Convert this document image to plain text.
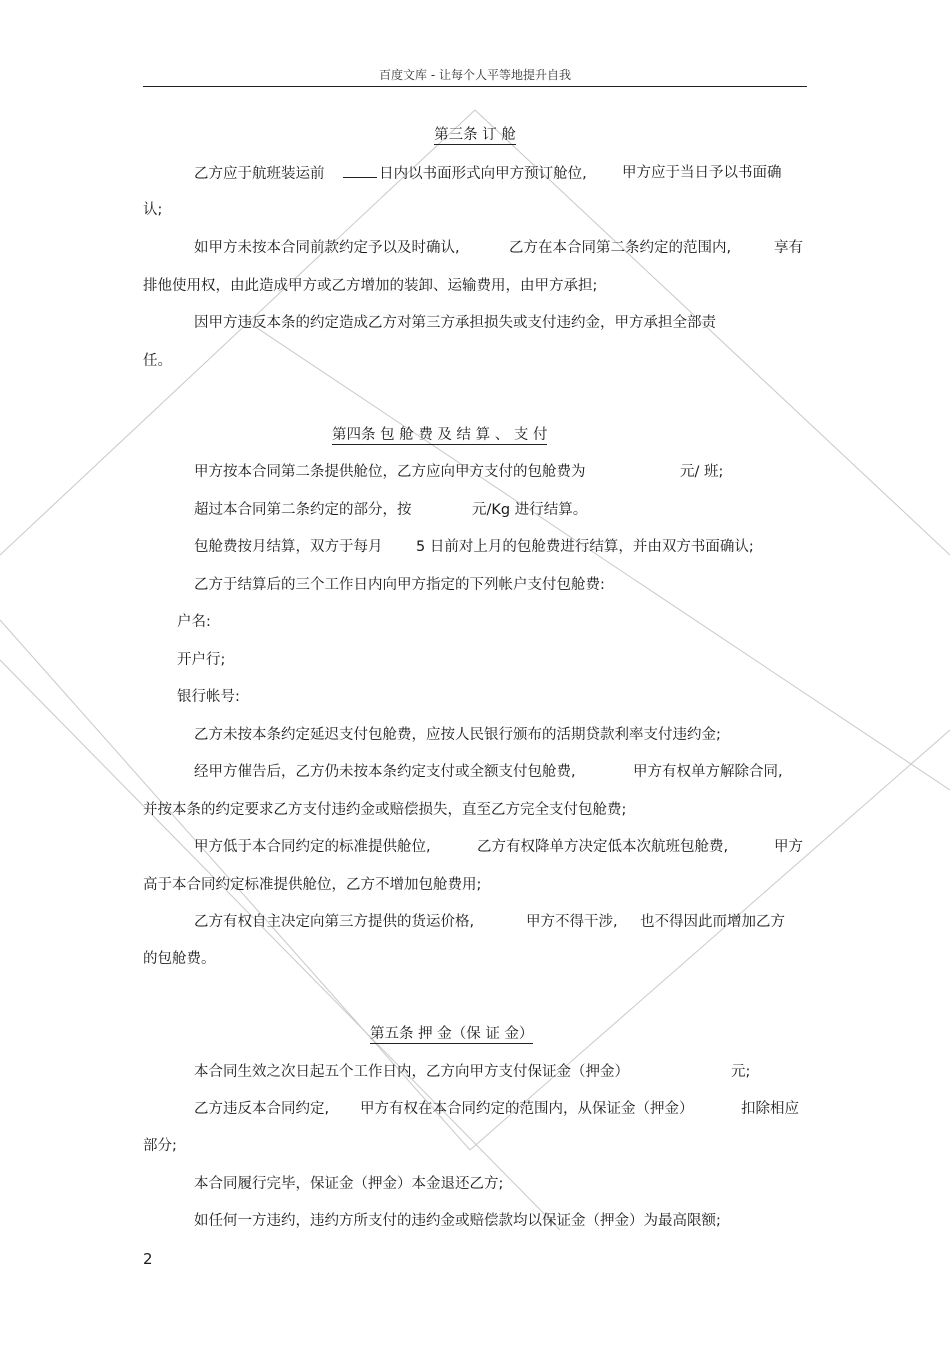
百度文库 - 让每个人平等地提升自我
第三条 订 舱
乙方应于航班装运前	日内以书面形式向甲方预订舱位, 甲方应于当日予以书面确
认;
如甲方未按本合同前款约定予以及时确认,	乙方在本合同第二条约定的范围内,	享有
排他使用权，由此造成甲方或乙方增加的装卸、运输费用，由甲方承担;
因甲方违反本条的约定造成乙方对第三方承担损失或支付违约金，甲方承担全部责
任。
第四条 包 舱 费 及 结 算 、 支 付
甲方按本合同第二条提供舱位，乙方应向甲方支付的包舱费为	元/ 班;
超过本合同第二条约定的部分，按	元/Kg 进行结算。
包舱费按月结算，双方于每月 5 日前对上月的包舱费进行结算，并由双方书面确认;
乙方于结算后的三个工作日内向甲方指定的下列帐户支付包舱费:
户名:
开户行;
银行帐号:
乙方未按本条约定延迟支付包舱费，应按人民银行颁布的活期贷款利率支付违约金;
经甲方催告后，乙方仍未按本条约定支付或全额支付包舱费,	甲方有权单方解除合同,
并按本条的约定要求乙方支付违约金或赔偿损失，直至乙方完全支付包舱费;
甲方低于本合同约定的标准提供舱位,	乙方有权降单方决定低本次航班包舱费,	甲方
高于本合同约定标准提供舱位，乙方不增加包舱费用;
乙方有权自主决定向第三方提供的货运价格,	甲方不得干涉, 也不得因此而增加乙方
的包舱费。
第五条 押 金（保 证 金）
本合同生效之次日起五个工作日内，乙方向甲方支付保证金（押金）	元;
乙方违反本合同约定, 甲方有权在本合同约定的范围内，从保证金（押金）	扣除相应
部分;
本合同履行完毕，保证金（押金）本金退还乙方;
如任何一方违约，违约方所支付的违约金或赔偿款均以保证金（押金）为最高限额;
2
